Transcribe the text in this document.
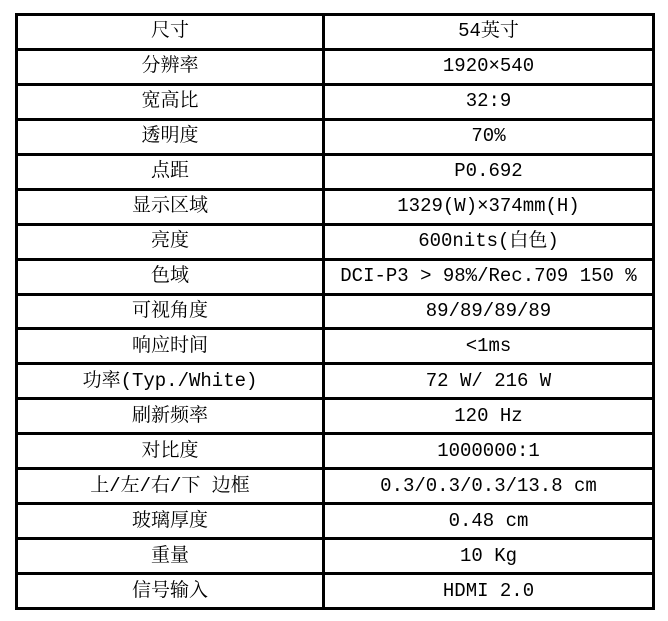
尺寸	54英寸
分辨率	1920×540
宽高比	32:9
透明度	70%
点距	P0.692
显示区域	1329(W)×374mm(H)
亮度	600nits(白色)
色域	DCI-P3 > 98%/Rec.709 150 %
可视角度	89/89/89/89
响应时间	<1ms
功率(Typ./White)	72 W/ 216 W
刷新频率	120 Hz
对比度	1000000:1
上/左/右/下 边框	0.3/0.3/0.3/13.8 cm
玻璃厚度	0.48 cm
重量	10 Kg
信号输入	HDMI 2.0
